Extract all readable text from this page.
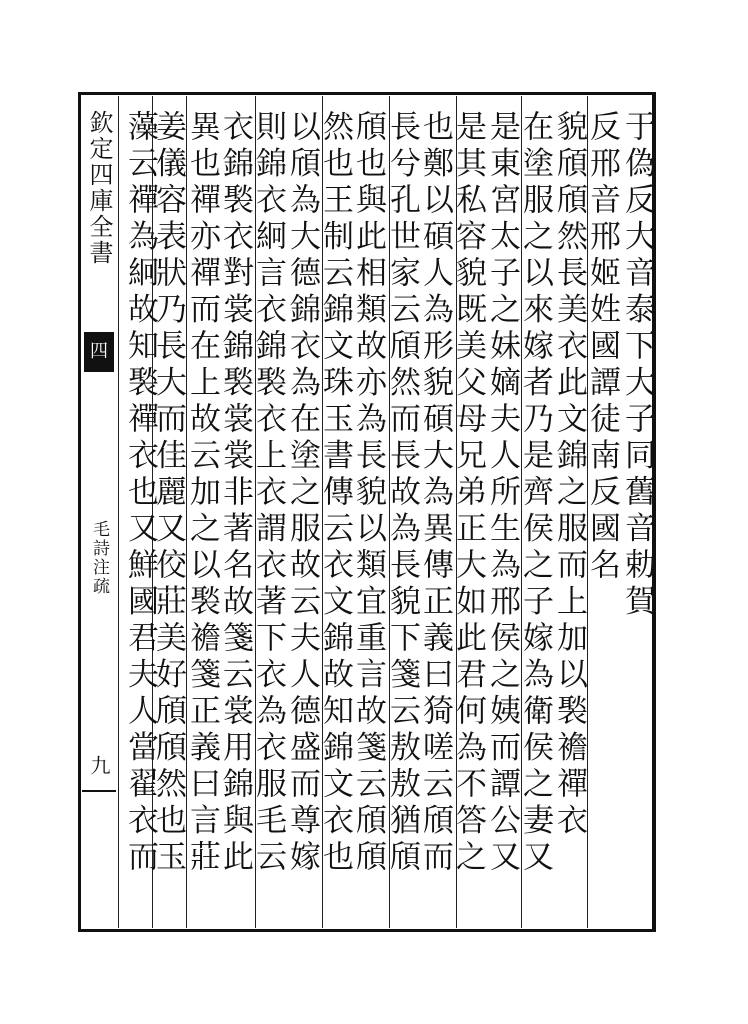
欽定四庫全書
四
毛詩注疏
九
于偽反大音泰下大子同舊音勅賀
反邢音邢姬姓國譚徒南反國名
貌頎頎然長美衣此文錦之服而上加以褧襜禪衣
在塗服之以來嫁者乃是齊侯之子嫁為衛侯之妻又
是東宮太子之妹嫡夫人所生為邢侯之姨而譚公又
是其私容貌既美父母兄弟正大如此君何為不答之
也鄭以碩人為形貌碩大為異傳正義曰猗嗟云頎而
長兮孔世家云頎然而長故為長貌下箋云敖敖猶頎
頎也與此相類故亦為長貌以類宜重言故箋云頎頎
然也王制云錦文珠玉書傳云衣文錦故知錦文衣也
以頎為大德錦衣為在塗之服故云夫人德盛而尊嫁
則錦衣絅言衣錦褧衣上衣謂衣著下衣為衣服毛云
衣錦褧衣對裳錦褧裳裳非著名故箋云裳用錦與此
異也禪亦禪而在上故云加之以褧襜箋正義曰言莊
姜儀容表狀乃長大而佳麗又佼莊美好頎頎然也玉
藻云禪為絅故知褧禪衣也又鮮國君夫人當翟衣而
